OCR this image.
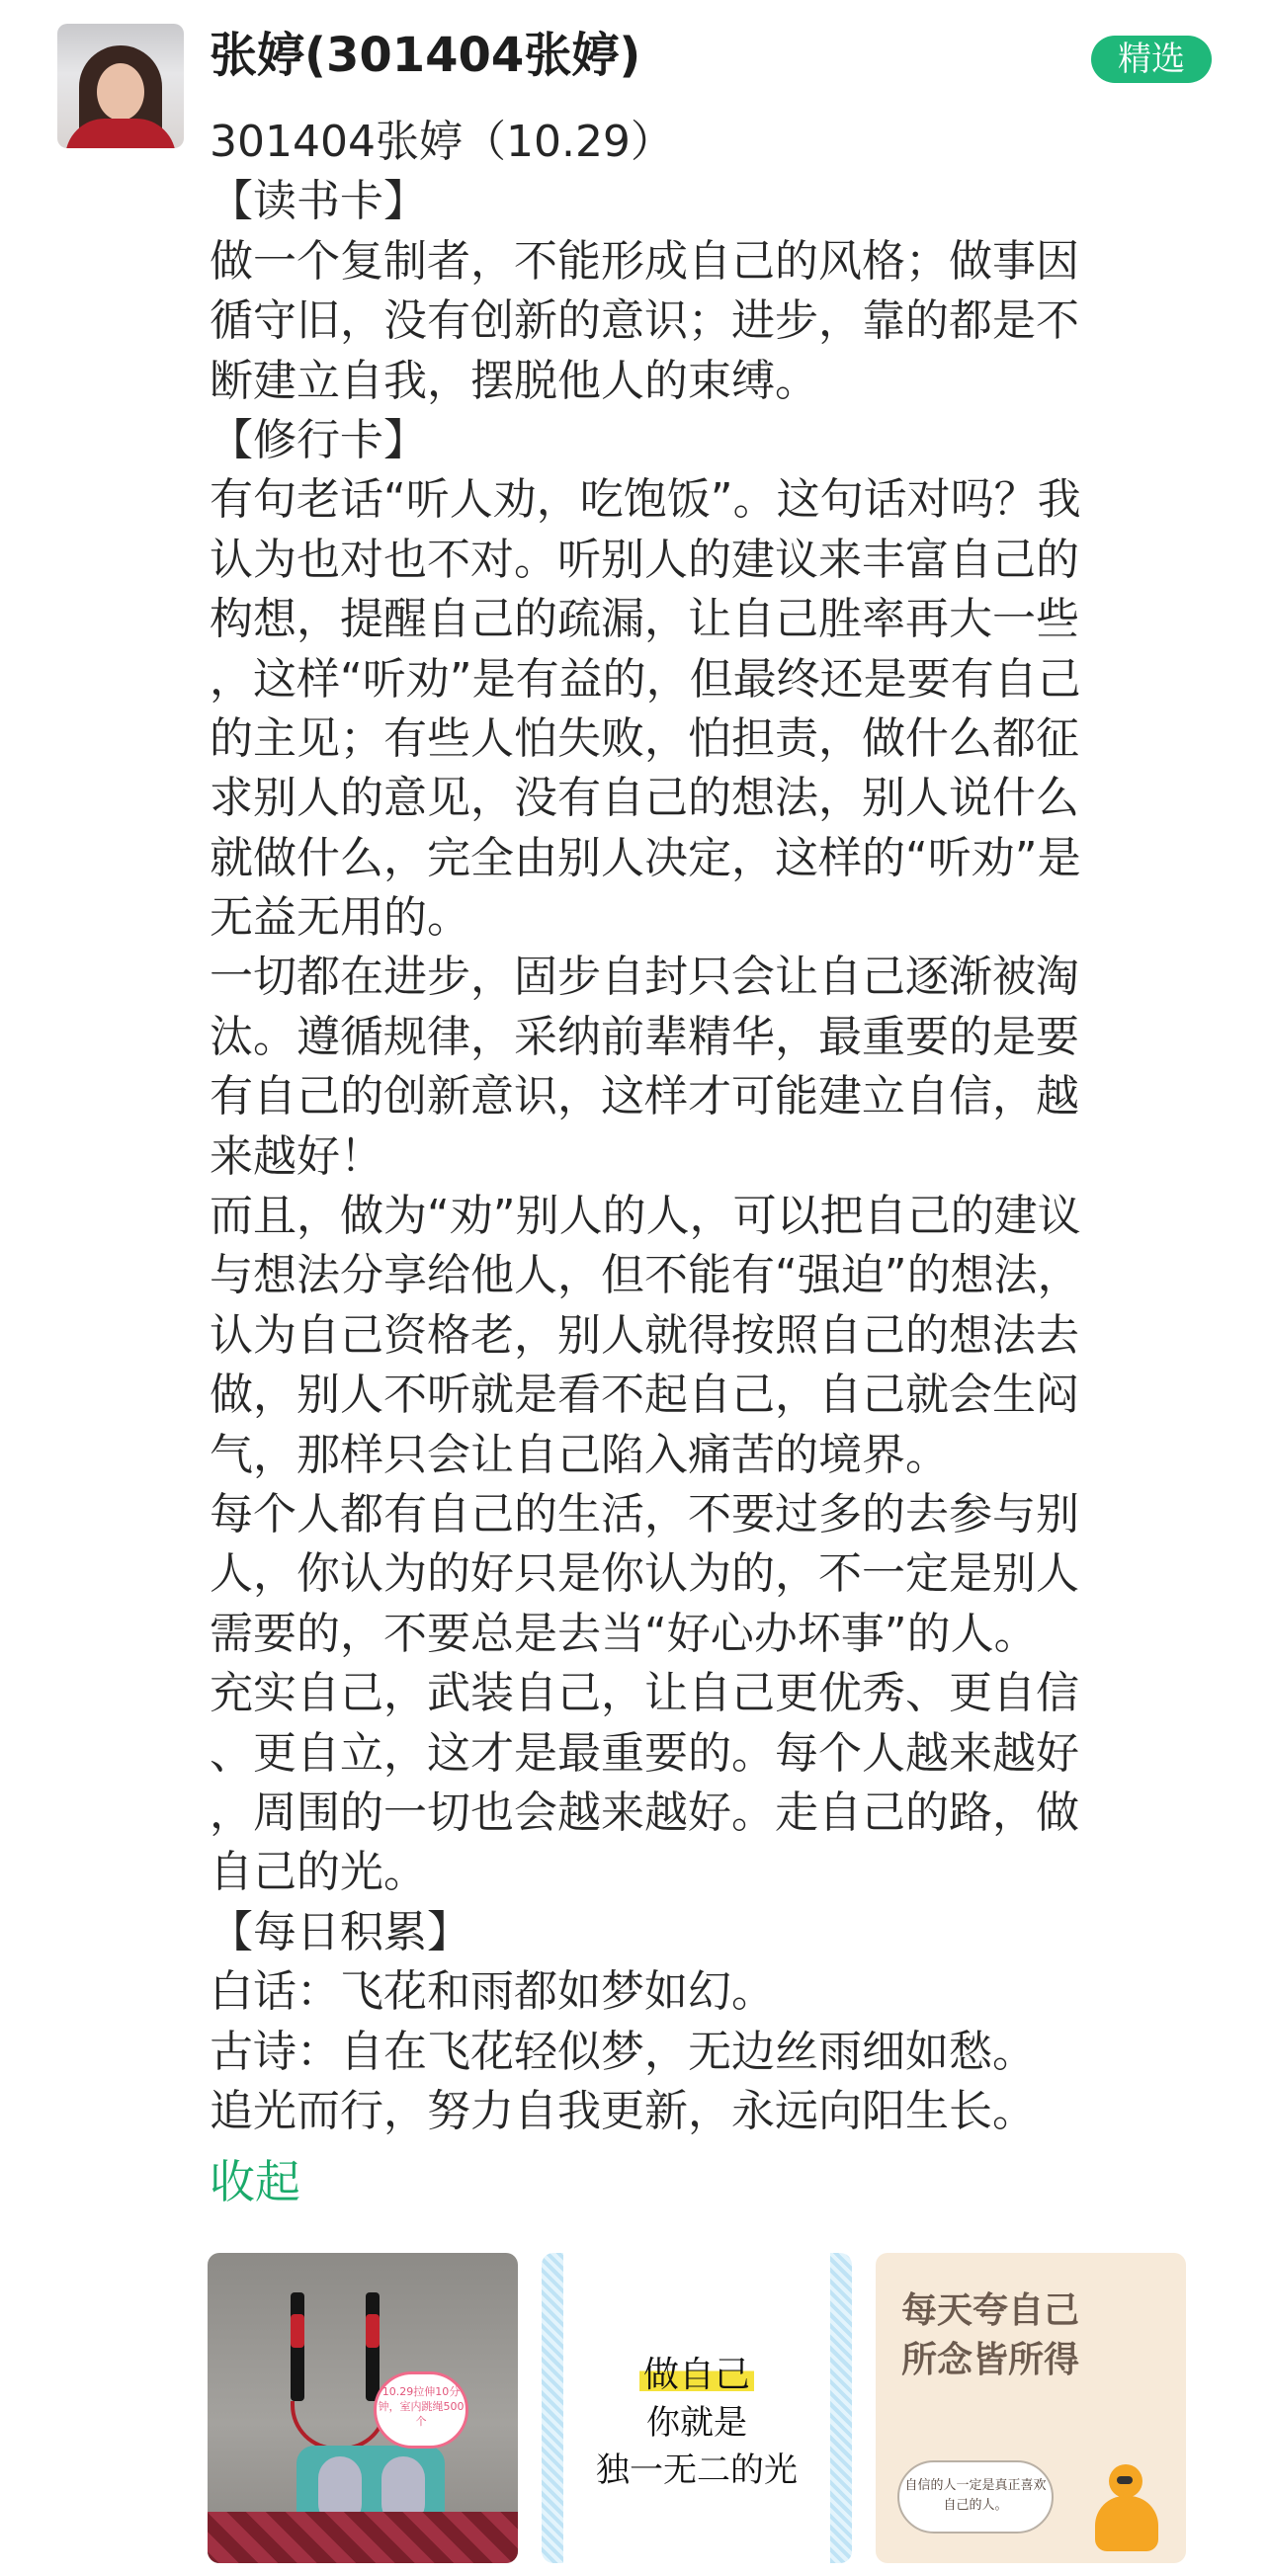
张婷(301404张婷)	精选
301404张婷（10.29）
【读书卡】
做一个复制者，不能形成自己的风格；做事因
循守旧，没有创新的意识；进步，靠的都是不
断建立自我，摆脱他人的束缚。
【修行卡】
有句老话“听人劝，吃饱饭”。这句话对吗？我
认为也对也不对。听别人的建议来丰富自己的
构想，提醒自己的疏漏，让自己胜率再大一些
，这样“听劝”是有益的，但最终还是要有自己
的主见；有些人怕失败，怕担责，做什么都征
求别人的意见，没有自己的想法，别人说什么
就做什么，完全由别人决定，这样的“听劝”是
无益无用的。
一切都在进步，固步自封只会让自己逐渐被淘
汰。遵循规律，采纳前辈精华，最重要的是要
有自己的创新意识，这样才可能建立自信，越
来越好！
而且，做为“劝”别人的人，可以把自己的建议
与想法分享给他人，但不能有“强迫”的想法，
认为自己资格老，别人就得按照自己的想法去
做，别人不听就是看不起自己，自己就会生闷
气，那样只会让自己陷入痛苦的境界。
每个人都有自己的生活，不要过多的去参与别
人，你认为的好只是你认为的，不一定是别人
需要的，不要总是去当“好心办坏事”的人。
充实自己，武装自己，让自己更优秀、更自信
、更自立，这才是最重要的。每个人越来越好
，周围的一切也会越来越好。走自己的路，做
自己的光。
【每日积累】
白话：飞花和雨都如梦如幻。
古诗：自在飞花轻似梦，无边丝雨细如愁。
追光而行，努力自我更新，永远向阳生长。
收起
10.29拉伸10分钟，室内跳绳500个
做自己
你就是
独一无二的光
每天夸自己
所念皆所得
自信的人一定是真正喜欢自己的人。
